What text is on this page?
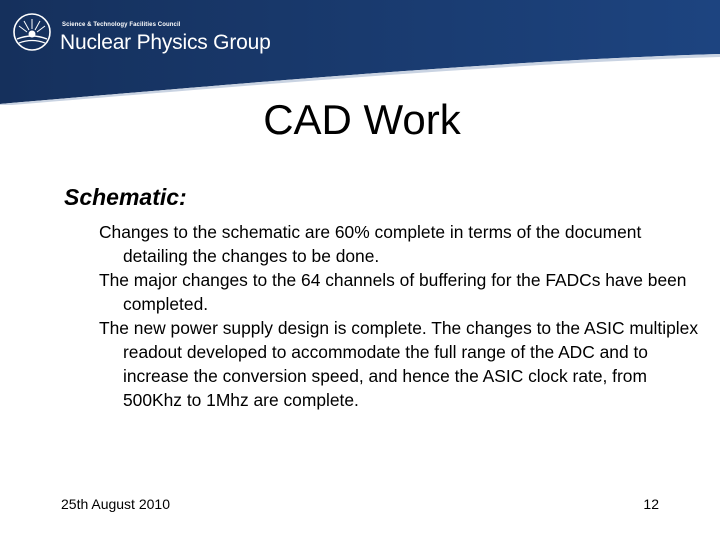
Science & Technology Facilities Council
Nuclear Physics Group
CAD Work
Schematic:
Changes to the schematic are 60% complete in terms of the document detailing the changes to be done.
The major changes to the 64 channels of buffering for the FADCs have been completed.
The new power supply design is complete. The changes to the ASIC multiplex readout developed to accommodate the full range of the ADC and to increase the conversion speed, and hence the ASIC clock rate, from 500Khz to 1Mhz are complete.
25th August 2010	12
